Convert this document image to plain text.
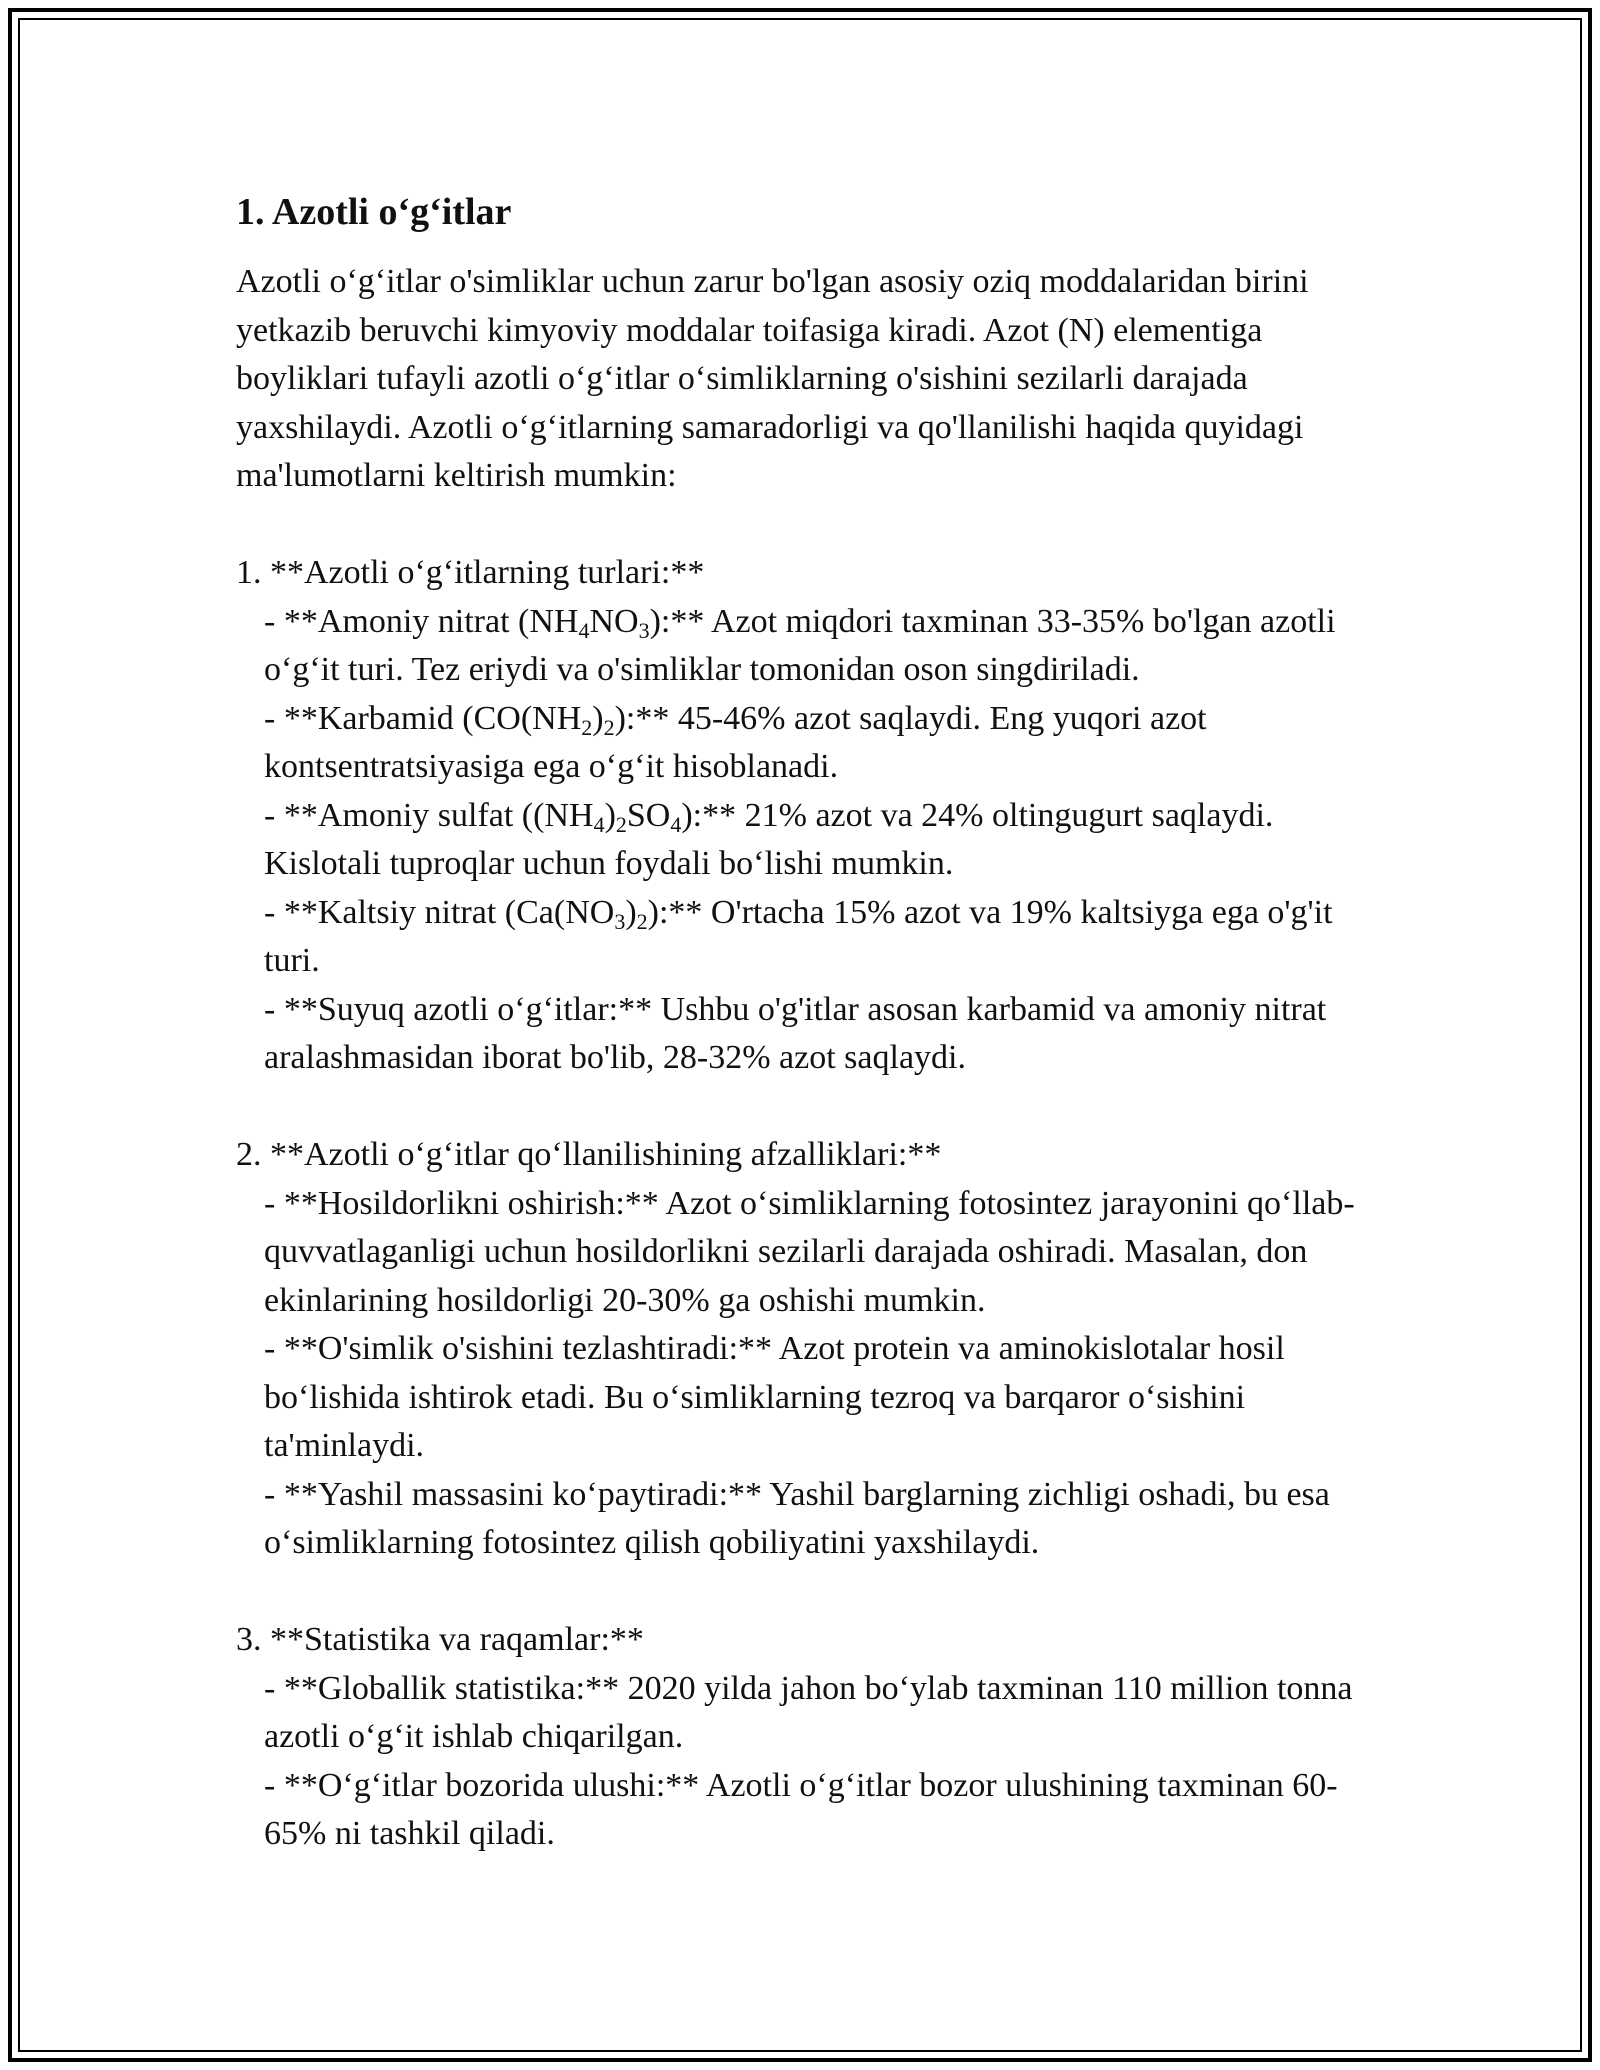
1. Azotli o‘g‘itlar

Azotli o‘g‘itlar o'simliklar uchun zarur bo'lgan asosiy oziq moddalaridan birini yetkazib beruvchi kimyoviy moddalar toifasiga kiradi. Azot (N) elementiga boyliklari tufayli azotli o‘g‘itlar o‘simliklarning o'sishini sezilarli darajada yaxshilaydi. Azotli o‘g‘itlarning samaradorligi va qo'llanilishi haqida quyidagi ma'lumotlarni keltirish mumkin:

1. **Azotli o‘g‘itlarning turlari:**

- **Amoniy nitrat $(NH_4NO_3):**$ Azot miqdori taxminan 33-35% bo'lgan azotli o‘g‘it turi. Tez eriydi va o'simliklar tomonidan oson singdiriladi.

- **Karbamid $(CO(NH_2)_2):**$ 45-46% azot saqlaydi. Eng yuqori azot kontsentratsiyasiga ega o‘g‘it hisoblanadi.

- **Amoniy sulfat $((NH_4)_2SO_4):**$ 21% azot va 24% oltingugurt saqlaydi. Kislotali tuproqlar uchun foydali bo‘lishi mumkin.

- **Kaltsiy nitrat $(Ca(NO_3)_2):**$ O'rtacha 15% azot va 19% kaltsiyga ega o'g'it turi.

- **Suyuq azotli o‘g‘itlar:** Ushbu o'g'itlar asosan karbamid va amoniy nitrat aralashmasidan iborat bo'lib, 28-32% azot saqlaydi.

2. **Azotli o‘g‘itlar qo‘llanilishining afzalliklari:**

- **Hosildorlikni oshirish:** Azot o‘simliklarning fotosintez jarayonini qo‘llab-quvvatlaganligi uchun hosildorlikni sezilarli darajada oshiradi. Masalan, don ekinlarining hosildorligi 20-30% ga oshishi mumkin.

- **O'simlik o'sishini tezlashtiradi:** Azot protein va aminokislotalar hosil bo‘lishida ishtirok etadi. Bu o‘simliklarning tezroq va barqaror o‘sishini ta'minlaydi.

- **Yashil massasini ko‘paytiradi:** Yashil barglarning zichligi oshadi, bu esa o‘simliklarning fotosintez qilish qobiliyatini yaxshilaydi.

3. **Statistika va raqamlar:**

- **Globallik statistika:** 2020 yilda jahon bo‘ylab taxminan 110 million tonna azotli o‘g‘it ishlab chiqarilgan.

- **O‘g‘itlar bozorida ulushi:** Azotli o‘g‘itlar bozor ulushining taxminan 60-65% ni tashkil qiladi.
